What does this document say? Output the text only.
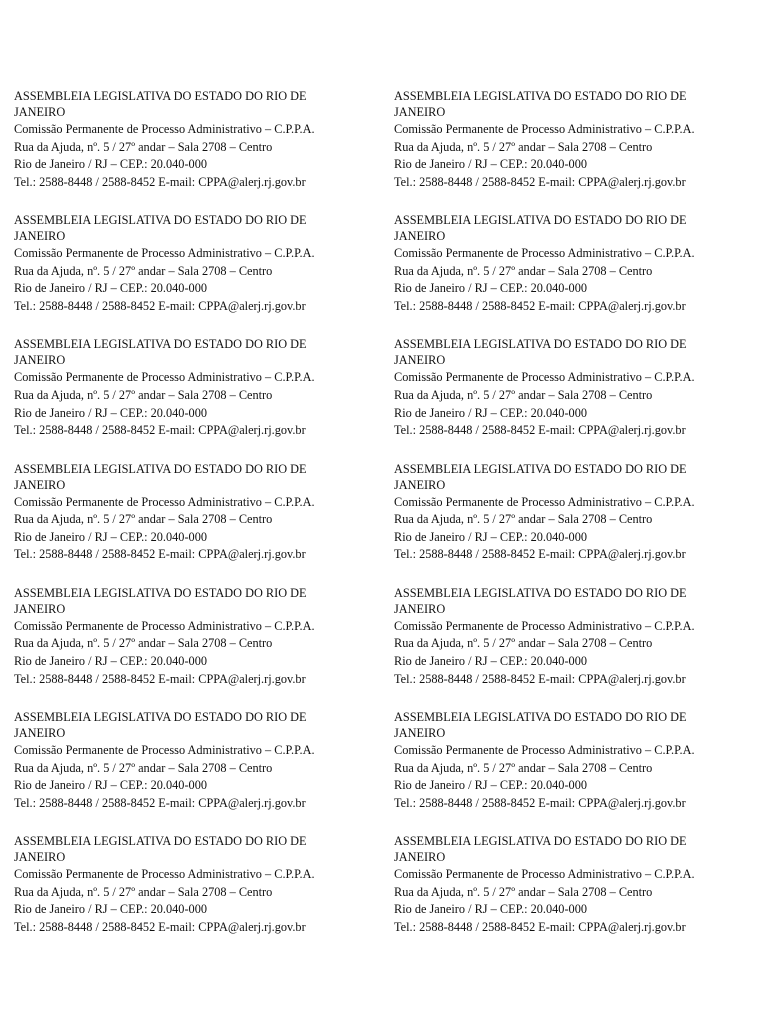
ASSEMBLEIA LEGISLATIVA DO ESTADO DO RIO DE JANEIRO
Comissão Permanente de Processo Administrativo – C.P.P.A.
Rua da Ajuda, nº. 5 / 27º andar – Sala 2708 – Centro
Rio de Janeiro / RJ – CEP.: 20.040-000
Tel.: 2588-8448 / 2588-8452 E-mail: CPPA@alerj.rj.gov.br
ASSEMBLEIA LEGISLATIVA DO ESTADO DO RIO DE JANEIRO
Comissão Permanente de Processo Administrativo – C.P.P.A.
Rua da Ajuda, nº. 5 / 27º andar – Sala 2708 – Centro
Rio de Janeiro / RJ – CEP.: 20.040-000
Tel.: 2588-8448 / 2588-8452 E-mail: CPPA@alerj.rj.gov.br
ASSEMBLEIA LEGISLATIVA DO ESTADO DO RIO DE JANEIRO
Comissão Permanente de Processo Administrativo – C.P.P.A.
Rua da Ajuda, nº. 5 / 27º andar – Sala 2708 – Centro
Rio de Janeiro / RJ – CEP.: 20.040-000
Tel.: 2588-8448 / 2588-8452 E-mail: CPPA@alerj.rj.gov.br
ASSEMBLEIA LEGISLATIVA DO ESTADO DO RIO DE JANEIRO
Comissão Permanente de Processo Administrativo – C.P.P.A.
Rua da Ajuda, nº. 5 / 27º andar – Sala 2708 – Centro
Rio de Janeiro / RJ – CEP.: 20.040-000
Tel.: 2588-8448 / 2588-8452 E-mail: CPPA@alerj.rj.gov.br
ASSEMBLEIA LEGISLATIVA DO ESTADO DO RIO DE JANEIRO
Comissão Permanente de Processo Administrativo – C.P.P.A.
Rua da Ajuda, nº. 5 / 27º andar – Sala 2708 – Centro
Rio de Janeiro / RJ – CEP.: 20.040-000
Tel.: 2588-8448 / 2588-8452 E-mail: CPPA@alerj.rj.gov.br
ASSEMBLEIA LEGISLATIVA DO ESTADO DO RIO DE JANEIRO
Comissão Permanente de Processo Administrativo – C.P.P.A.
Rua da Ajuda, nº. 5 / 27º andar – Sala 2708 – Centro
Rio de Janeiro / RJ – CEP.: 20.040-000
Tel.: 2588-8448 / 2588-8452 E-mail: CPPA@alerj.rj.gov.br
ASSEMBLEIA LEGISLATIVA DO ESTADO DO RIO DE JANEIRO
Comissão Permanente de Processo Administrativo – C.P.P.A.
Rua da Ajuda, nº. 5 / 27º andar – Sala 2708 – Centro
Rio de Janeiro / RJ – CEP.: 20.040-000
Tel.: 2588-8448 / 2588-8452 E-mail: CPPA@alerj.rj.gov.br
ASSEMBLEIA LEGISLATIVA DO ESTADO DO RIO DE JANEIRO
Comissão Permanente de Processo Administrativo – C.P.P.A.
Rua da Ajuda, nº. 5 / 27º andar – Sala 2708 – Centro
Rio de Janeiro / RJ – CEP.: 20.040-000
Tel.: 2588-8448 / 2588-8452 E-mail: CPPA@alerj.rj.gov.br
ASSEMBLEIA LEGISLATIVA DO ESTADO DO RIO DE JANEIRO
Comissão Permanente de Processo Administrativo – C.P.P.A.
Rua da Ajuda, nº. 5 / 27º andar – Sala 2708 – Centro
Rio de Janeiro / RJ – CEP.: 20.040-000
Tel.: 2588-8448 / 2588-8452 E-mail: CPPA@alerj.rj.gov.br
ASSEMBLEIA LEGISLATIVA DO ESTADO DO RIO DE JANEIRO
Comissão Permanente de Processo Administrativo – C.P.P.A.
Rua da Ajuda, nº. 5 / 27º andar – Sala 2708 – Centro
Rio de Janeiro / RJ – CEP.: 20.040-000
Tel.: 2588-8448 / 2588-8452 E-mail: CPPA@alerj.rj.gov.br
ASSEMBLEIA LEGISLATIVA DO ESTADO DO RIO DE JANEIRO
Comissão Permanente de Processo Administrativo – C.P.P.A.
Rua da Ajuda, nº. 5 / 27º andar – Sala 2708 – Centro
Rio de Janeiro / RJ – CEP.: 20.040-000
Tel.: 2588-8448 / 2588-8452 E-mail: CPPA@alerj.rj.gov.br
ASSEMBLEIA LEGISLATIVA DO ESTADO DO RIO DE JANEIRO
Comissão Permanente de Processo Administrativo – C.P.P.A.
Rua da Ajuda, nº. 5 / 27º andar – Sala 2708 – Centro
Rio de Janeiro / RJ – CEP.: 20.040-000
Tel.: 2588-8448 / 2588-8452 E-mail: CPPA@alerj.rj.gov.br
ASSEMBLEIA LEGISLATIVA DO ESTADO DO RIO DE JANEIRO
Comissão Permanente de Processo Administrativo – C.P.P.A.
Rua da Ajuda, nº. 5 / 27º andar – Sala 2708 – Centro
Rio de Janeiro / RJ – CEP.: 20.040-000
Tel.: 2588-8448 / 2588-8452 E-mail: CPPA@alerj.rj.gov.br
ASSEMBLEIA LEGISLATIVA DO ESTADO DO RIO DE JANEIRO
Comissão Permanente de Processo Administrativo – C.P.P.A.
Rua da Ajuda, nº. 5 / 27º andar – Sala 2708 – Centro
Rio de Janeiro / RJ – CEP.: 20.040-000
Tel.: 2588-8448 / 2588-8452 E-mail: CPPA@alerj.rj.gov.br
